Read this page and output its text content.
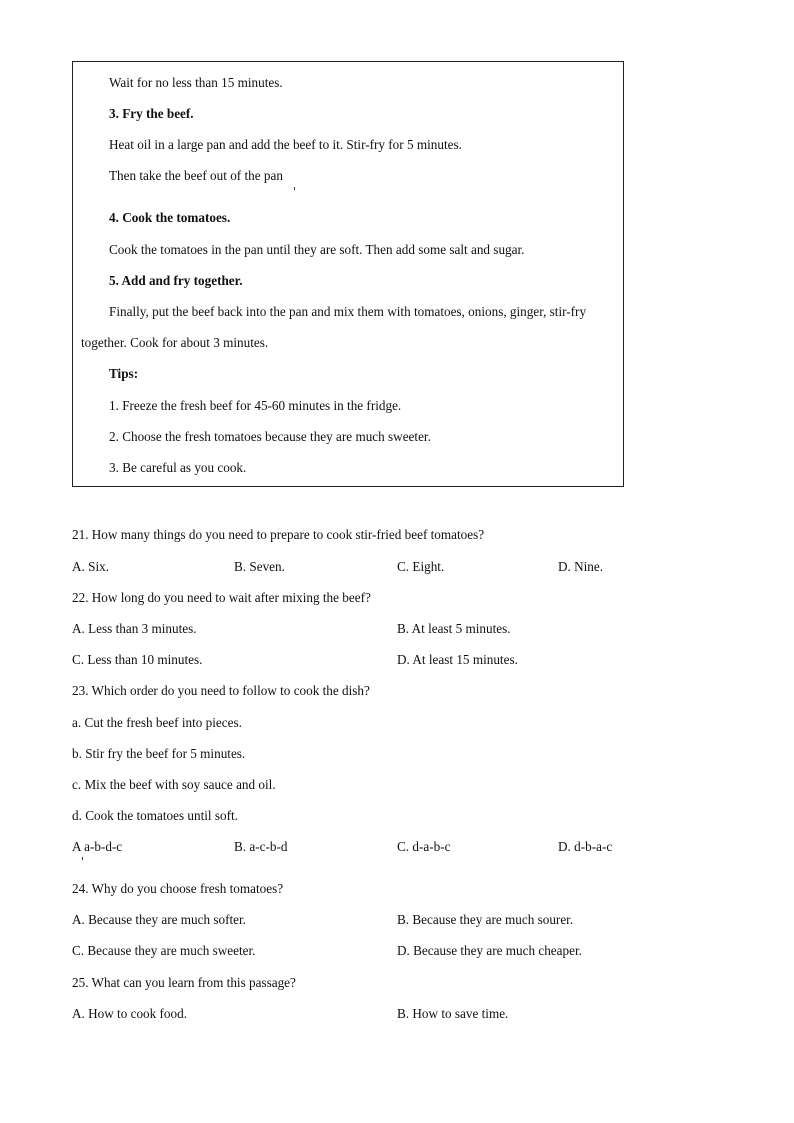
Wait for no less than 15 minutes.
3. Fry the beef.
Heat oil in a large pan and add the beef to it. Stir-fry for 5 minutes.
Then take the beef out of the pan
4. Cook the tomatoes.
Cook the tomatoes in the pan until they are soft. Then add some salt and sugar.
5. Add and fry together.
Finally, put the beef back into the pan and mix them with tomatoes, onions, ginger, stir-fry
together. Cook for about 3 minutes.
Tips:
1. Freeze the fresh beef for 45-60 minutes in the fridge.
2. Choose the fresh tomatoes because they are much sweeter.
3. Be careful as you cook.
21. How many things do you need to prepare to cook stir-fried beef tomatoes?
A. Six.	B. Seven.	C. Eight.	D. Nine.
22. How long do you need to wait after mixing the beef?
A. Less than 3 minutes.	B. At least 5 minutes.
C. Less than 10 minutes.	D. At least 15 minutes.
23. Which order do you need to follow to cook the dish?
a. Cut the fresh beef into pieces.
b. Stir fry the beef for 5 minutes.
c. Mix the beef with soy sauce and oil.
d. Cook the tomatoes until soft.
A a-b-d-c	B. a-c-b-d	C. d-a-b-c	D. d-b-a-c
24. Why do you choose fresh tomatoes?
A. Because they are much softer.	B. Because they are much sourer.
C. Because they are much sweeter.	D. Because they are much cheaper.
25. What can you learn from this passage?
A. How to cook food.	B. How to save time.
